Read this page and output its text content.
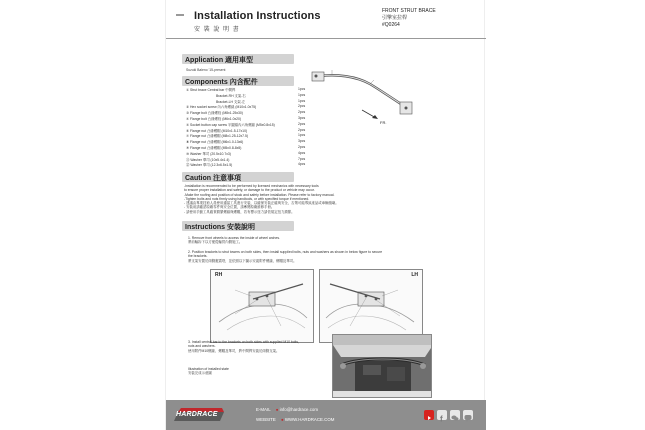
Installation Instructions
安 裝 說 明 書
FRONT STRUT BRACE
引擎室拉桿
#Q0264
Application 適用車型
Suzuki Baleno '15-present
Components 內含配件
① Strut brace Central bar 中間桿	1pcs
Bracket-RH 支架-右	1pcs
Bracket-LH 支架-左	1pcs
② Hex socket screw 內六角螺絲 (M10x1.0x75)	2pcs
③ Flange bolt 凸緣螺栓 (M8x1.25x30)	2pcs
④ Flange bolt 凸緣螺栓 (M6x1.0x20)	3pcs
⑤ Socket button cap screw 半圓頭內六角螺絲 (M5x0.8x15)	2pcs
⑥ Flange nut 凸緣螺帽 (M10x1.5-17x10)	2pcs
⑦ Flange nut 凸緣螺帽 (M8x1.25-12x7.5)	1pcs
⑧ Flange nut 凸緣螺帽 (M6x1.0-13x6)	3pcs
⑨ Flange nut 凸緣螺帽 (M5x0.8-8x5)	2pcs
⑩ Washer 華司 (20.5x10.7x3)	4pcs
⑪ Washer 華司 (10x5.4x1.4)	7pcs
⑫ Washer 華司 (12.3x6.5x1.5)	4pcs
FR.
Caution 注意事項
-Installation is recommended to be performed by licensed mechanics with necessary tools
to ensure proper installation and safety, or damage to the product or vehicle may occur.
-Make the roofing and position of stock and safety before installation. Please refer to factory manual.
-Tighten bolts and nuts firmly using handtools, or with specified torque if mentioned.
- 建議由專業技術人員使用適當工具進行安裝，以確保安裝正確與安全，否則可能導致產品或車輛損壞。
- 安裝前請確認原廠零件與安全位置，請參閱原廠維修手冊。
- 請使用手動工具確實鎖緊螺絲與螺帽，若有標示扭力請依規定扭力鎖緊。
Instructions 安裝說明
1. Remove front wheels to access the inside of wheel arches.
將前輪拆下以方便從輪拱內側施工。
2. Position brackets to strut towers on both sides, then install supplied bolts, nuts and washers as shown in below figure to secure
the brackets.
將支架安置於兩側避震塔，並依照以下圖示安裝附件螺絲、螺帽及華司。
RH	LH
3. Install central bar to the brackets on both sides with supplied M10 bolts,
nuts and washers.
使用附件M10螺絲、螺帽及華司，將中間桿安裝於兩側支架。
Illustration of installed state
安裝完成示意圖
HARDRACE
E-MAIL ● info@hardrace.com
WEBSITE ● WWW.HARDRACE.COM	f
